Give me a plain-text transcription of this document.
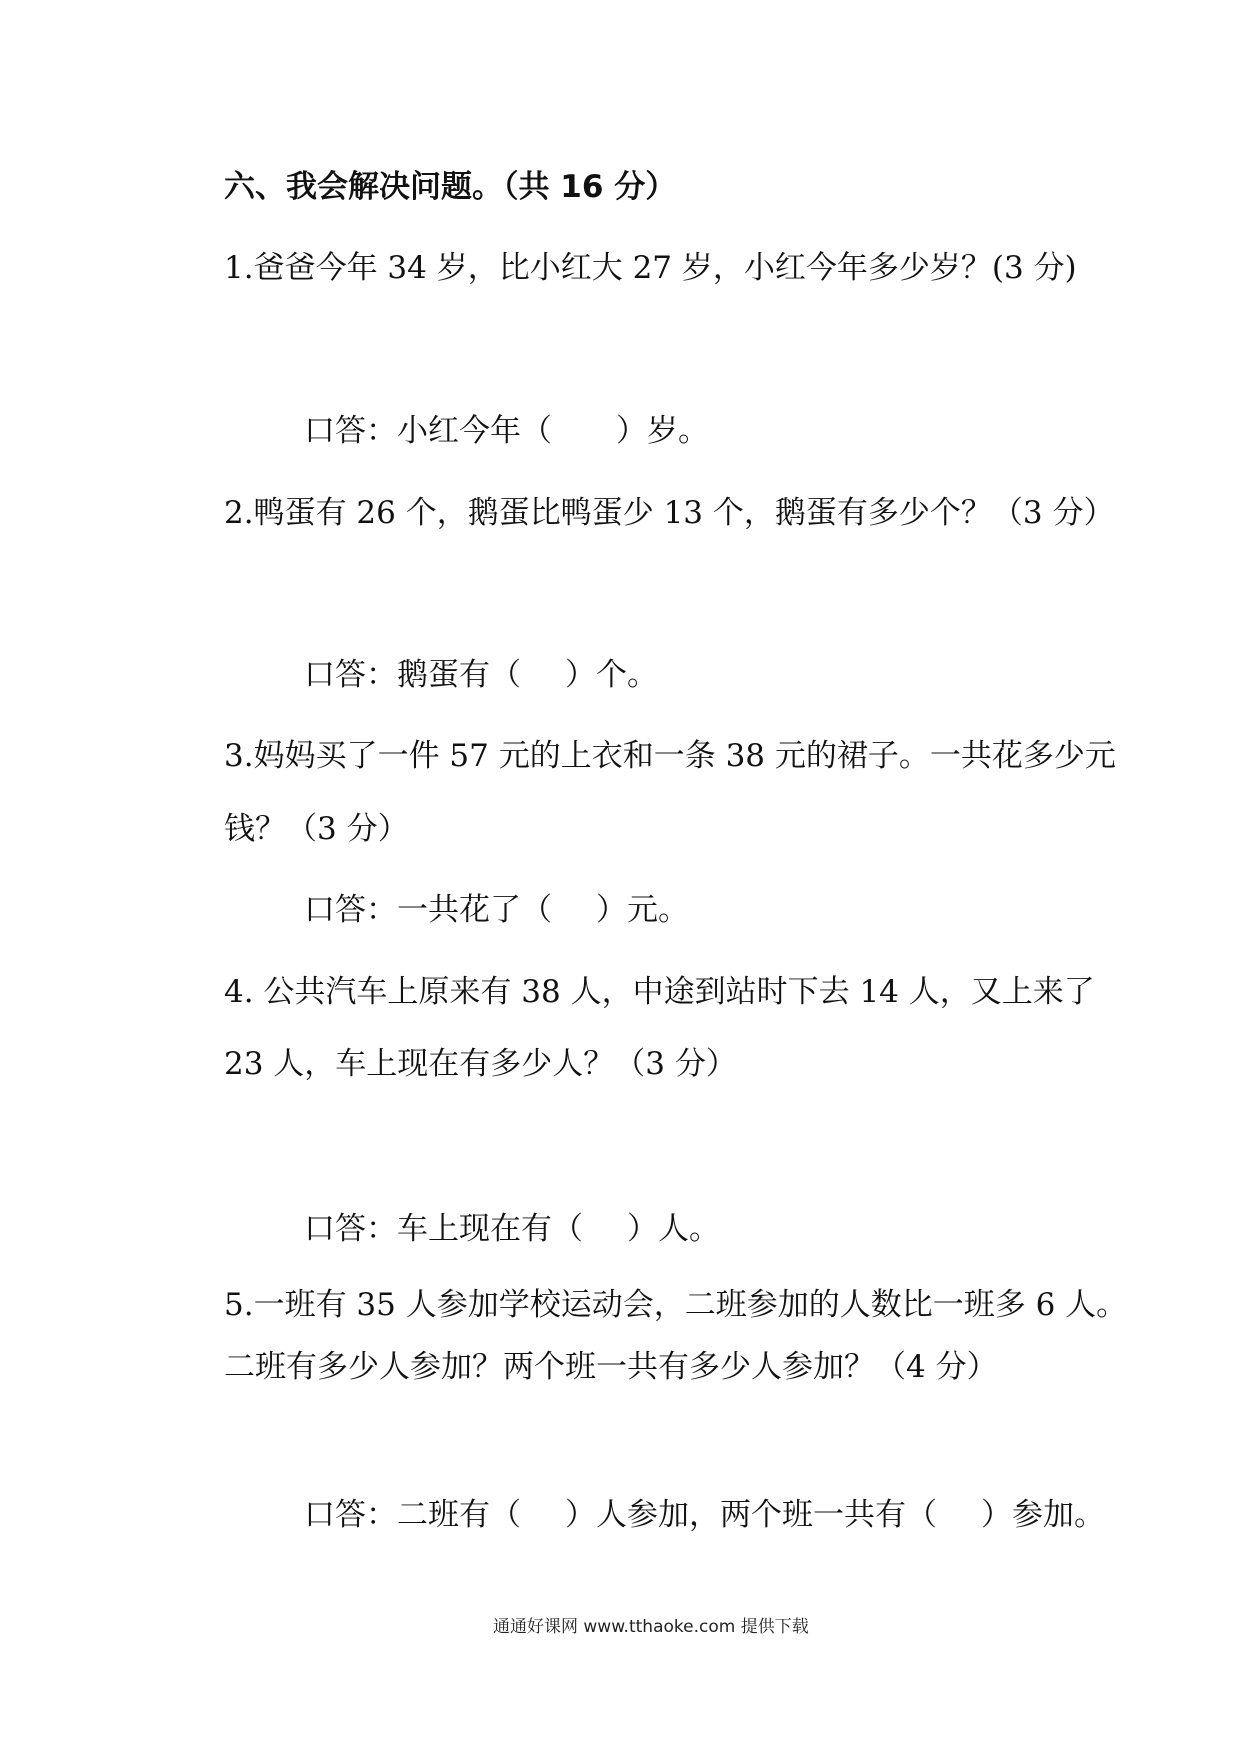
六、我会解决问题。（共 16 分）
1.爸爸今年 34 岁，比小红大 27 岁，小红今年多少岁？(3 分)
口答：小红今年（ ）岁。
2.鸭蛋有 26 个，鹅蛋比鸭蛋少 13 个，鹅蛋有多少个？（3 分）
口答：鹅蛋有（ ）个。
3.妈妈买了一件 57 元的上衣和一条 38 元的裙子。一共花多少元
钱？（3 分）
口答：一共花了（ ）元。
4. 公共汽车上原来有 38 人，中途到站时下去 14 人，又上来了
23 人，车上现在有多少人？（3 分）
口答：车上现在有（ ）人。
5.一班有 35 人参加学校运动会，二班参加的人数比一班多 6 人。
二班有多少人参加？两个班一共有多少人参加？（4 分）
口答：二班有（ ）人参加，两个班一共有（ ）参加。
通通好课网 www.tthaoke.com 提供下载
